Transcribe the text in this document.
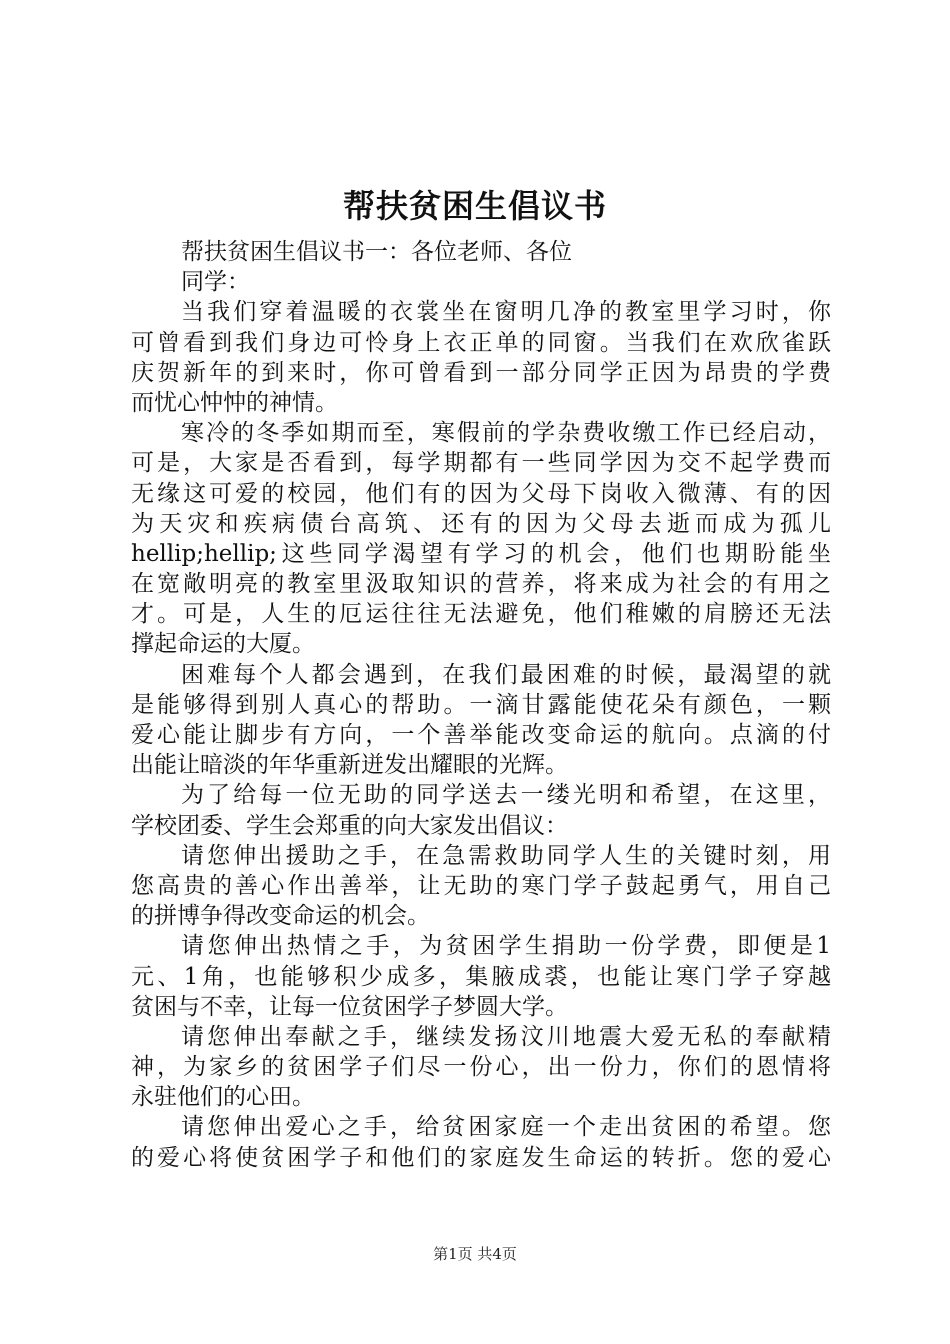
帮扶贫困生倡议书
帮扶贫困生倡议书一：各位老师、各位
同学：
当我们穿着温暖的衣裳坐在窗明几净的教室里学习时，你
可曾看到我们身边可怜身上衣正单的同窗。当我们在欢欣雀跃
庆贺新年的到来时，你可曾看到一部分同学正因为昂贵的学费
而忧心忡忡的神情。
寒冷的冬季如期而至，寒假前的学杂费收缴工作已经启动，
可是，大家是否看到，每学期都有一些同学因为交不起学费而
无缘这可爱的校园，他们有的因为父母下岗收入微薄、有的因
为天灾和疾病债台高筑、还有的因为父母去逝而成为孤儿
hellip;hellip;这些同学渴望有学习的机会，他们也期盼能坐
在宽敞明亮的教室里汲取知识的营养，将来成为社会的有用之
才。可是，人生的厄运往往无法避免，他们稚嫩的肩膀还无法
撑起命运的大厦。
困难每个人都会遇到，在我们最困难的时候，最渴望的就
是能够得到别人真心的帮助。一滴甘露能使花朵有颜色，一颗
爱心能让脚步有方向，一个善举能改变命运的航向。点滴的付
出能让暗淡的年华重新迸发出耀眼的光辉。
为了给每一位无助的同学送去一缕光明和希望，在这里，
学校团委、学生会郑重的向大家发出倡议：
请您伸出援助之手，在急需救助同学人生的关键时刻，用
您高贵的善心作出善举，让无助的寒门学子鼓起勇气，用自己
的拼博争得改变命运的机会。
请您伸出热情之手，为贫困学生捐助一份学费，即便是1
元、1角，也能够积少成多，集腋成裘，也能让寒门学子穿越
贫困与不幸，让每一位贫困学子梦圆大学。
请您伸出奉献之手，继续发扬汶川地震大爱无私的奉献精
神，为家乡的贫困学子们尽一份心，出一份力，你们的恩情将
永驻他们的心田。
请您伸出爱心之手，给贫困家庭一个走出贫困的希望。您
的爱心将使贫困学子和他们的家庭发生命运的转折。您的爱心
第1页 共4页
